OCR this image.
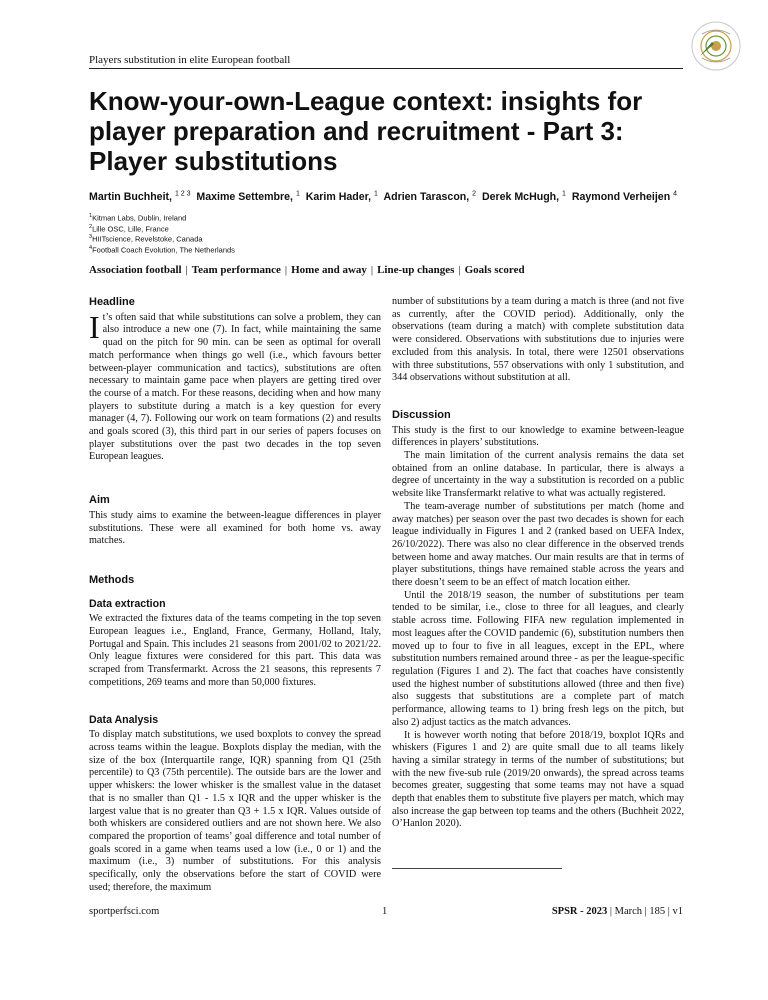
Players substitution in elite European football
Know-your-own-League context: insights for
player preparation and recruitment - Part 3:
Player substitutions
Martin Buchheit, $^{1 2 3}$ Maxime Settembre, $^1$ Karim Hader, $^1$ Adrien Tarascon, $^2$ Derek McHugh, $^1$ Raymond Verheijen $^4$
$^1$Kitman Labs, Dublin, Ireland
$^2$Lille OSC, Lille, France
$^3$HIITscience, Revelstoke, Canada
$^4$Football Coach Evolution, The Netherlands
Association football | Team performance | Home and away | Line-up changes | Goals scored
Headline

It’s often said that while substitutions can solve a problem, they can also introduce a new one (7). In fact, while maintaining the same quad on the pitch for 90 min. can be seen as optimal for overall match performance when things go well (i.e., which favours better between-player communication and tactics), substitutions are often necessary to maintain game pace when players are getting tired over the course of a match. For these reasons, deciding when and how many players to substitute during a match is a key question for every manager (4, 7). Following our work on team formations (2) and results and goals scored (3), this third part in our series of papers focuses on player substitutions over the past two decades in the top seven European leagues.

Aim

This study aims to examine the between-league differences in player substitutions. These were all examined for both home vs. away matches.

Methods
Data extraction

We extracted the fixtures data of the teams competing in the top seven European leagues i.e., England, France, Germany, Holland, Italy, Portugal and Spain. This includes 21 seasons from 2001/02 to 2021/22. Only league fixtures were considered for this part. This data was scraped from Transfermarkt. Across the 21 seasons, this represents 7 competitions, 269 teams and more than 50,000 fixtures.

Data Analysis

To display match substitutions, we used boxplots to convey the spread across teams within the league. Boxplots display the median, with the size of the box (Interquartile range, IQR) spanning from Q1 (25th percentile) to Q3 (75th percentile). The outside bars are the lower and upper whiskers: the lower whisker is the smallest value in the dataset that is no smaller than Q1 - 1.5 x IQR and the upper whisker is the largest value that is no greater than Q3 + 1.5 x IQR. Values outside of both whiskers are considered outliers and are not shown here. We also compared the proportion of teams’ goal difference and total number of goals scored in a game when teams used a low (i.e., 0 or 1) and the maximum (i.e., 3) number of substitutions. For this analysis specifically, only the observations before the start of COVID were used; therefore, the maximum

number of substitutions by a team during a match is three (and not five as currently, after the COVID period). Additionally, only the observations (team during a match) with complete substitution data were considered. Observations with substitutions due to injuries were excluded from this analysis. In total, there were 12501 observations with three substitutions, 557 observations with only 1 substitution, and 344 observations without substitution at all.

Discussion

This study is the first to our knowledge to examine between-league differences in players’ substitutions.

The main limitation of the current analysis remains the data set obtained from an online database. In particular, there is always a degree of uncertainty in the way a substitution is recorded on a public website like Transfermarkt relative to what was actually registered.

The team-average number of substitutions per match (home and away matches) per season over the past two decades is shown for each league individually in Figures 1 and 2 (ranked based on UEFA Index, 26/10/2022). There was also no clear difference in the observed trends between home and away matches. Our main results are that in terms of player substitutions, things have remained stable across the years and there doesn’t seem to be an effect of match location either.

Until the 2018/19 season, the number of substitutions per team tended to be similar, i.e., close to three for all leagues, and clearly stable across time. Following FIFA new regulation implemented in most leagues after the COVID pandemic (6), substitution numbers then moved up to four to five in all leagues, except in the EPL, where substitution numbers remained around three - as per the league-specific regulation (Figures 1 and 2). The fact that coaches have consistently used the highest number of substitutions allowed (three and then five) also suggests that substitutions are a complete part of match performance, allowing teams to 1) bring fresh legs on the pitch, but also 2) adjust tactics as the match advances.

It is however worth noting that before 2018/19, boxplot IQRs and whiskers (Figures 1 and 2) are quite small due to all teams likely having a similar strategy in terms of the number of substitutions; but with the new five-sub rule (2019/20 onwards), the spread across teams becomes greater, suggesting that some teams may not have a squad depth that enables them to substitute five players per match, which may also increase the gap between top teams and the others (Buchheit 2022, O’Hanlon 2020).

sportperfsci.com	1	SPSR - 2023 | March | 185 | v1
